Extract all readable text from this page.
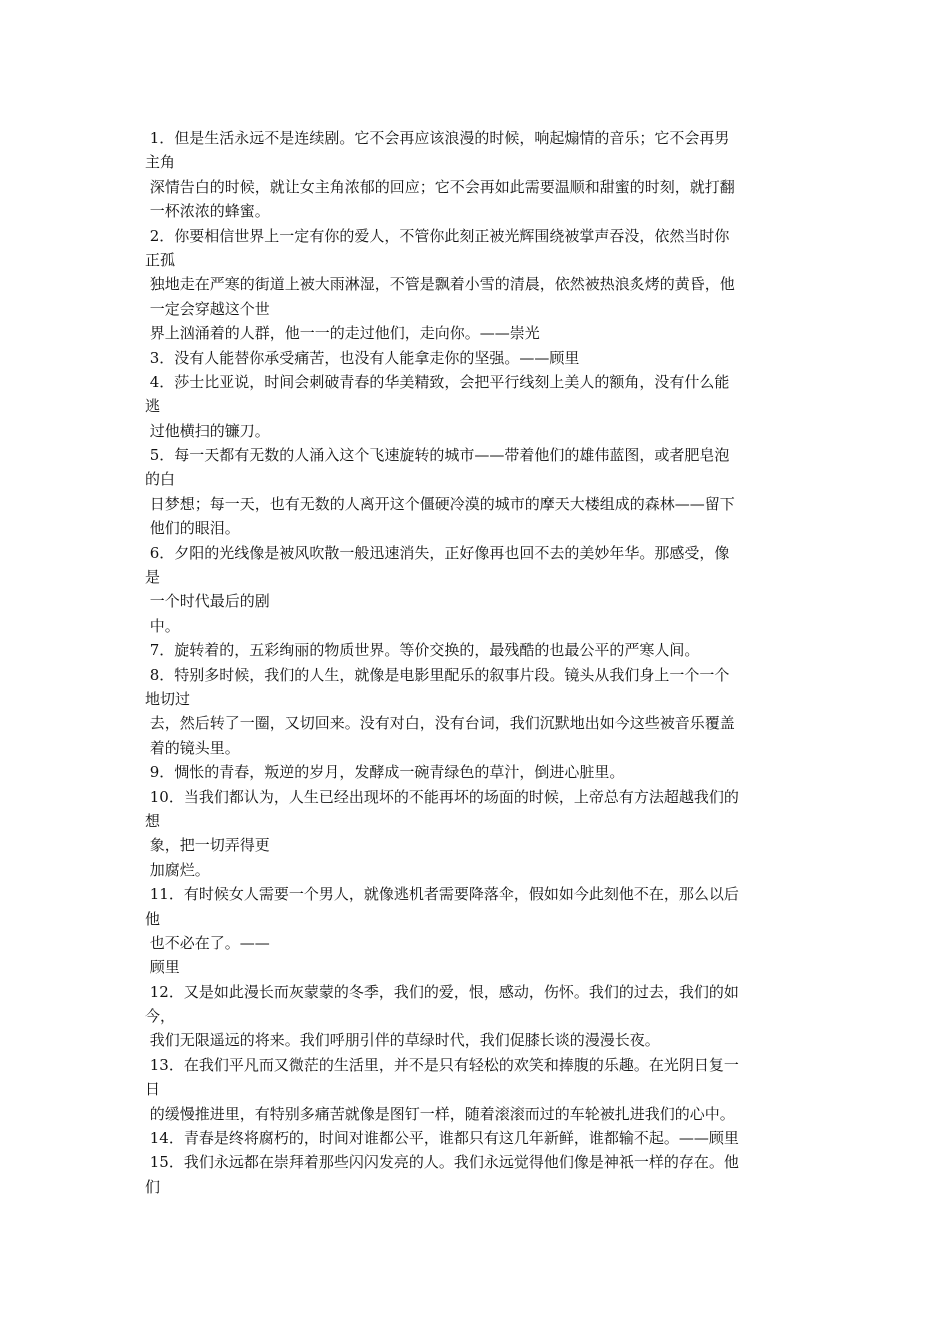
1．但是生活永远不是连续剧。它不会再应该浪漫的时候，响起煽情的音乐；它不会再男
主角
深情告白的时候，就让女主角浓郁的回应；它不会再如此需要温顺和甜蜜的时刻，就打翻
一杯浓浓的蜂蜜。
2．你要相信世界上一定有你的爱人，不管你此刻正被光辉围绕被掌声吞没，依然当时你
正孤
独地走在严寒的街道上被大雨淋湿，不管是飘着小雪的清晨，依然被热浪炙烤的黄昏，他
一定会穿越这个世
界上汹涌着的人群，他一一的走过他们，走向你。——崇光
3．没有人能替你承受痛苦，也没有人能拿走你的坚强。——顾里
4．莎士比亚说，时间会刺破青春的华美精致，会把平行线刻上美人的额角，没有什么能
逃
过他横扫的镰刀。
5．每一天都有无数的人涌入这个飞速旋转的城市——带着他们的雄伟蓝图，或者肥皂泡
的白
日梦想；每一天，也有无数的人离开这个僵硬冷漠的城市的摩天大楼组成的森林——留下
他们的眼泪。
6．夕阳的光线像是被风吹散一般迅速消失，正好像再也回不去的美妙年华。那感受，像
是
一个时代最后的剧
中。
7．旋转着的，五彩绚丽的物质世界。等价交换的，最残酷的也最公平的严寒人间。
8．特别多时候，我们的人生，就像是电影里配乐的叙事片段。镜头从我们身上一个一个
地切过
去，然后转了一圈，又切回来。没有对白，没有台词，我们沉默地出如今这些被音乐覆盖
着的镜头里。
9．惆怅的青春，叛逆的岁月，发酵成一碗青绿色的草汁，倒进心脏里。
10．当我们都认为，人生已经出现坏的不能再坏的场面的时候，上帝总有方法超越我们的
想
象，把一切弄得更
加腐烂。
11．有时候女人需要一个男人，就像逃机者需要降落伞，假如如今此刻他不在，那么以后
他
也不必在了。——
顾里
12．又是如此漫长而灰蒙蒙的冬季，我们的爱，恨，感动，伤怀。我们的过去，我们的如
今，
我们无限遥远的将来。我们呼朋引伴的草绿时代，我们促膝长谈的漫漫长夜。
13．在我们平凡而又微茫的生活里，并不是只有轻松的欢笑和捧腹的乐趣。在光阴日复一
日
的缓慢推进里，有特别多痛苦就像是图钉一样，随着滚滚而过的车轮被扎进我们的心中。
14．青春是终将腐朽的，时间对谁都公平，谁都只有这几年新鲜，谁都输不起。——顾里
15．我们永远都在崇拜着那些闪闪发亮的人。我们永远觉得他们像是神祇一样的存在。他
们
